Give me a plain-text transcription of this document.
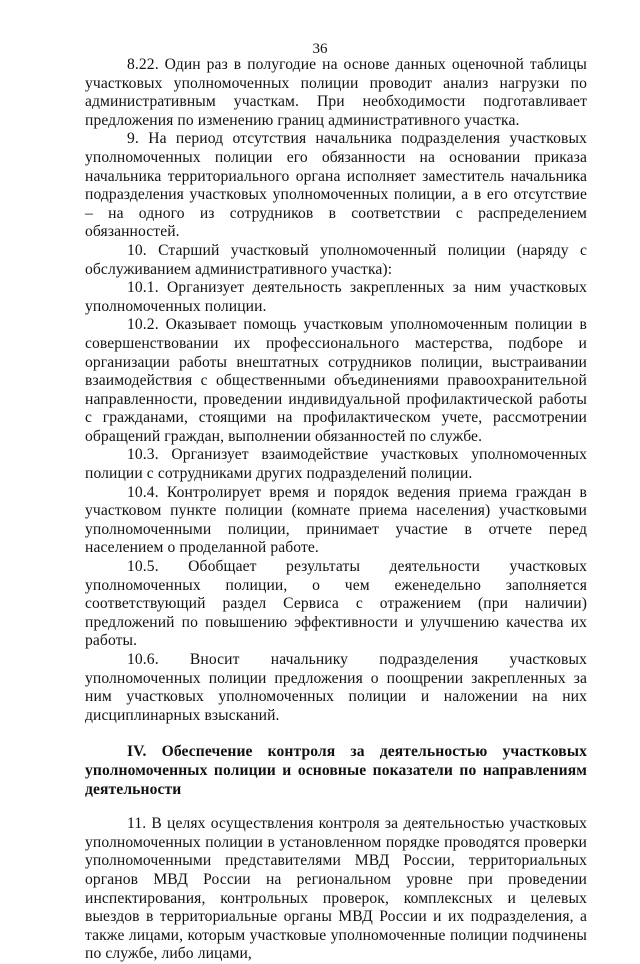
36

8.22. Один раз в полугодие на основе данных оценочной таблицы участковых уполномоченных полиции проводит анализ нагрузки по административным участкам. При необходимости подготавливает предложения по изменению границ административного участка.

9. На период отсутствия начальника подразделения участковых уполномоченных полиции его обязанности на основании приказа начальника территориального органа исполняет заместитель начальника подразделения участковых уполномоченных полиции, а в его отсутствие – на одного из сотрудников в соответствии с распределением обязанностей.

10. Старший участковый уполномоченный полиции (наряду с обслуживанием административного участка):

10.1. Организует деятельность закрепленных за ним участковых уполномоченных полиции.

10.2. Оказывает помощь участковым уполномоченным полиции в совершенствовании их профессионального мастерства, подборе и организации работы внештатных сотрудников полиции, выстраивании взаимодействия с общественными объединениями правоохранительной направленности, проведении индивидуальной профилактической работы с гражданами, стоящими на профилактическом учете, рассмотрении обращений граждан, выполнении обязанностей по службе.

10.3. Организует взаимодействие участковых уполномоченных полиции с сотрудниками других подразделений полиции.

10.4. Контролирует время и порядок ведения приема граждан в участковом пункте полиции (комнате приема населения) участковыми уполномоченными полиции, принимает участие в отчете перед населением о проделанной работе.

10.5. Обобщает результаты деятельности участковых уполномоченных полиции, о чем еженедельно заполняется соответствующий раздел Сервиса с отражением (при наличии) предложений по повышению эффективности и улучшению качества их работы.

10.6. Вносит начальнику подразделения участковых уполномоченных полиции предложения о поощрении закрепленных за ним участковых уполномоченных полиции и наложении на них дисциплинарных взысканий.

IV. Обеспечение контроля за деятельностью участковых уполномоченных полиции и основные показатели по направлениям деятельности

11. В целях осуществления контроля за деятельностью участковых уполномоченных полиции в установленном порядке проводятся проверки уполномоченными представителями МВД России, территориальных органов МВД России на региональном уровне при проведении инспектирования, контрольных проверок, комплексных и целевых выездов в территориальные органы МВД России и их подразделения, а также лицами, которым участковые уполномоченные полиции подчинены по службе, либо лицами,
